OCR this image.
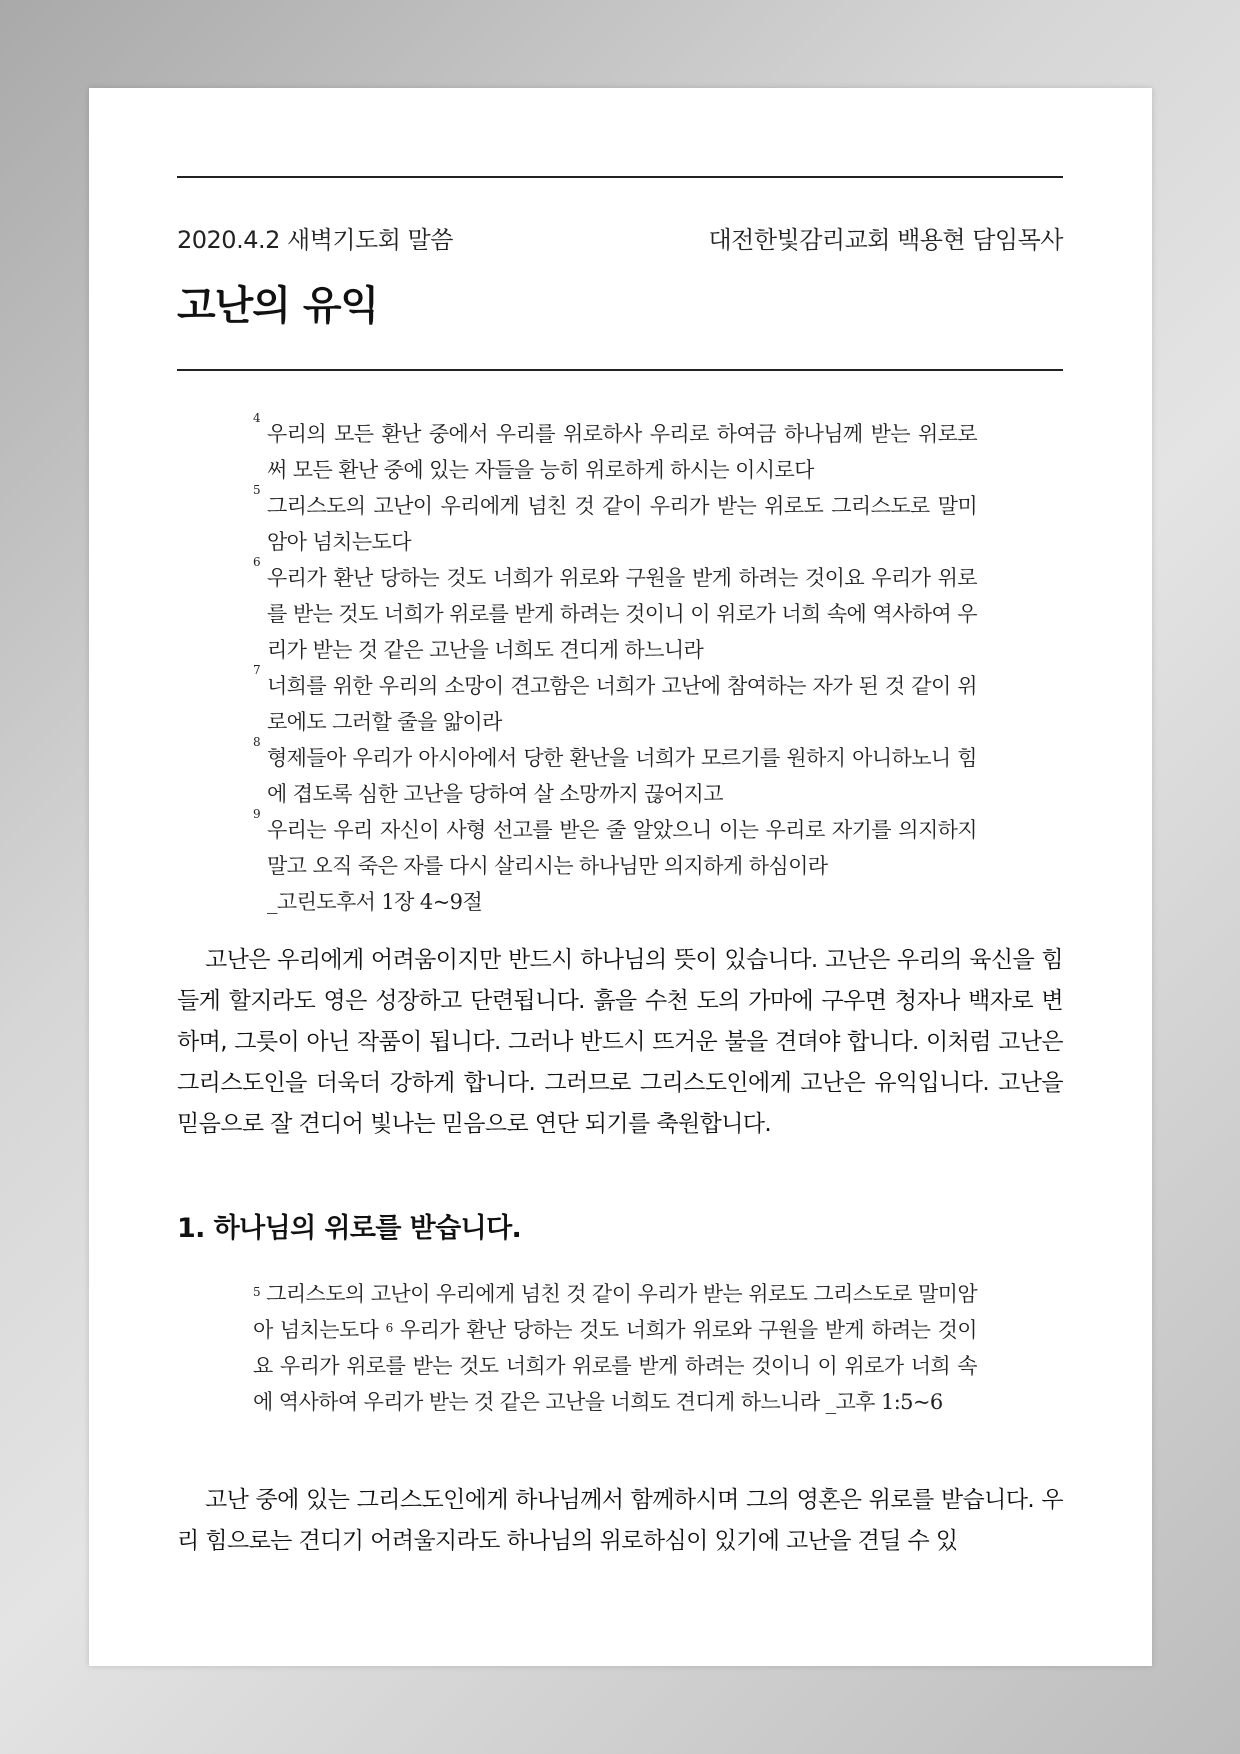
2020.4.2 새벽기도회 말씀	대전한빛감리교회 백용현 담임목사
고난의 유익
4
우리의 모든 환난 중에서 우리를 위로하사 우리로 하여금 하나님께 받는 위로로써 모든 환난 중에 있는 자들을 능히 위로하게 하시는 이시로다
5
그리스도의 고난이 우리에게 넘친 것 같이 우리가 받는 위로도 그리스도로 말미암아 넘치는도다
6
우리가 환난 당하는 것도 너희가 위로와 구원을 받게 하려는 것이요 우리가 위로를 받는 것도 너희가 위로를 받게 하려는 것이니 이 위로가 너희 속에 역사하여 우리가 받는 것 같은 고난을 너희도 견디게 하느니라
7
너희를 위한 우리의 소망이 견고함은 너희가 고난에 참여하는 자가 된 것 같이 위로에도 그러할 줄을 앎이라
8
형제들아 우리가 아시아에서 당한 환난을 너희가 모르기를 원하지 아니하노니 힘에 겹도록 심한 고난을 당하여 살 소망까지 끊어지고
9
우리는 우리 자신이 사형 선고를 받은 줄 알았으니 이는 우리로 자기를 의지하지 말고 오직 죽은 자를 다시 살리시는 하나님만 의지하게 하심이라
_고린도후서 1장 4~9절

고난은 우리에게 어려움이지만 반드시 하나님의 뜻이 있습니다. 고난은 우리의 육신을 힘들게 할지라도 영은 성장하고 단련됩니다. 흙을 수천 도의 가마에 구우면 청자나 백자로 변하며, 그릇이 아닌 작품이 됩니다. 그러나 반드시 뜨거운 불을 견뎌야 합니다. 이처럼 고난은 그리스도인을 더욱더 강하게 합니다. 그러므로 그리스도인에게 고난은 유익입니다. 고난을 믿음으로 잘 견디어 빛나는 믿음으로 연단 되기를 축원합니다.

1. 하나님의 위로를 받습니다.
$^5$ 그리스도의 고난이 우리에게 넘친 것 같이 우리가 받는 위로도 그리스도로 말미암아 넘치는도다 $^6$ 우리가 환난 당하는 것도 너희가 위로와 구원을 받게 하려는 것이요 우리가 위로를 받는 것도 너희가 위로를 받게 하려는 것이니 이 위로가 너희 속에 역사하여 우리가 받는 것 같은 고난을 너희도 견디게 하느니라 _고후 1:5~6

고난 중에 있는 그리스도인에게 하나님께서 함께하시며 그의 영혼은 위로를 받습니다. 우리 힘으로는 견디기 어려울지라도 하나님의 위로하심이 있기에 고난을 견딜 수 있
